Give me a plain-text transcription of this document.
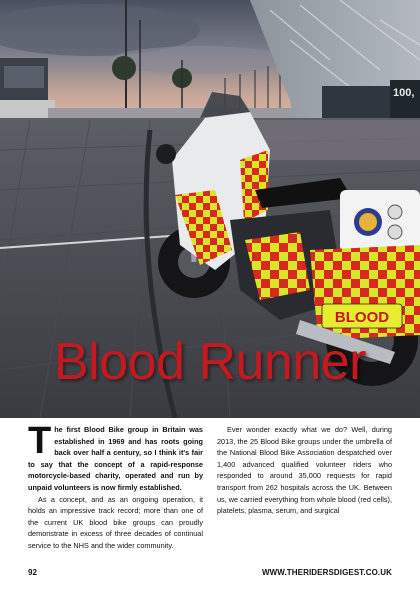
100,
BLOOD
Blood Runner

The first Blood Bike group in Britain was established in 1969 and has roots going back over half a century, so I think it's fair to say that the concept of a rapid-response motorcycle-based charity, operated and run by unpaid volunteers is now firmly established.

As a concept, and as an ongoing operation, it holds an impressive track record; more than one of the current UK blood bike groups can proudly demonstrate in excess of three decades of continual service to the NHS and the wider community.

Ever wonder exactly what we do? Well, during 2013, the 25 Blood Bike groups under the umbrella of the National Blood Bike Association despatched over 1,400 advanced qualified volunteer riders who responded to around 35,000 requests for rapid transport from 262 hospitals across the UK. Between us, we carried everything from whole blood (red cells), platelets, plasma, serum, and surgical

92	WWW.THERIDERSDIGEST.CO.UK
